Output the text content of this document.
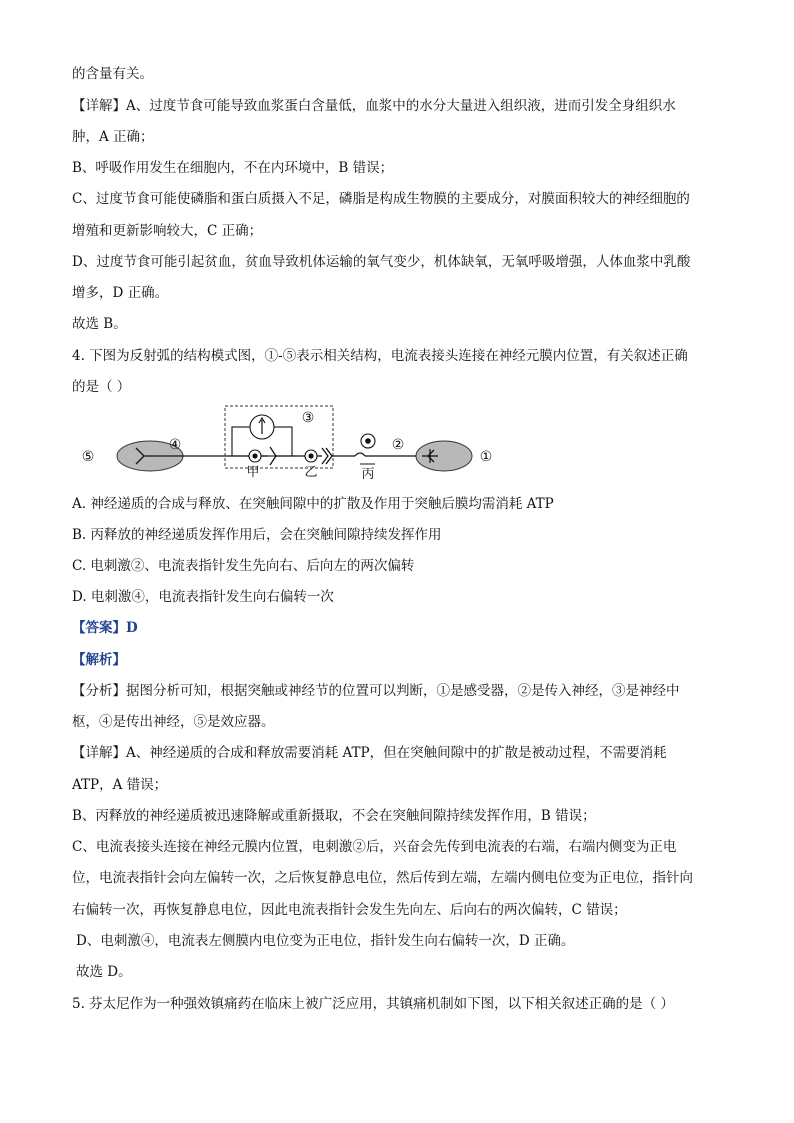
的含量有关。
【详解】A、过度节食可能导致血浆蛋白含量低，血浆中的水分大量进入组织液，进而引发全身组织水
肿，A 正确；
B、呼吸作用发生在细胞内，不在内环境中，B 错误；
C、过度节食可能使磷脂和蛋白质摄入不足，磷脂是构成生物膜的主要成分，对膜面积较大的神经细胞的
增殖和更新影响较大，C 正确；
D、过度节食可能引起贫血，贫血导致机体运输的氧气变少，机体缺氧，无氧呼吸增强，人体血浆中乳酸
增多，D 正确。
故选 B。
4. 下图为反射弧的结构模式图，①-⑤表示相关结构，电流表接头连接在神经元膜内位置，有关叙述正确
的是（ ）
⑤
④
③
甲	乙	丙
②
①
A. 神经递质的合成与释放、在突触间隙中的扩散及作用于突触后膜均需消耗 ATP
B. 丙释放的神经递质发挥作用后，会在突触间隙持续发挥作用
C. 电刺激②、电流表指针发生先向右、后向左的两次偏转
D. 电刺激④，电流表指针发生向右偏转一次
【答案】D
【解析】
【分析】据图分析可知，根据突触或神经节的位置可以判断，①是感受器，②是传入神经，③是神经中
枢，④是传出神经，⑤是效应器。
【详解】A、神经递质的合成和释放需要消耗 ATP，但在突触间隙中的扩散是被动过程，不需要消耗
ATP，A 错误；
B、丙释放的神经递质被迅速降解或重新摄取，不会在突触间隙持续发挥作用，B 错误；
C、电流表接头连接在神经元膜内位置，电刺激②后，兴奋会先传到电流表的右端，右端内侧变为正电
位，电流表指针会向左偏转一次，之后恢复静息电位，然后传到左端，左端内侧电位变为正电位，指针向
右偏转一次，再恢复静息电位，因此电流表指针会发生先向左、后向右的两次偏转，C 错误；
D、电刺激④，电流表左侧膜内电位变为正电位，指针发生向右偏转一次，D 正确。
故选 D。
5. 芬太尼作为一种强效镇痛药在临床上被广泛应用，其镇痛机制如下图，以下相关叙述正确的是（ ）
